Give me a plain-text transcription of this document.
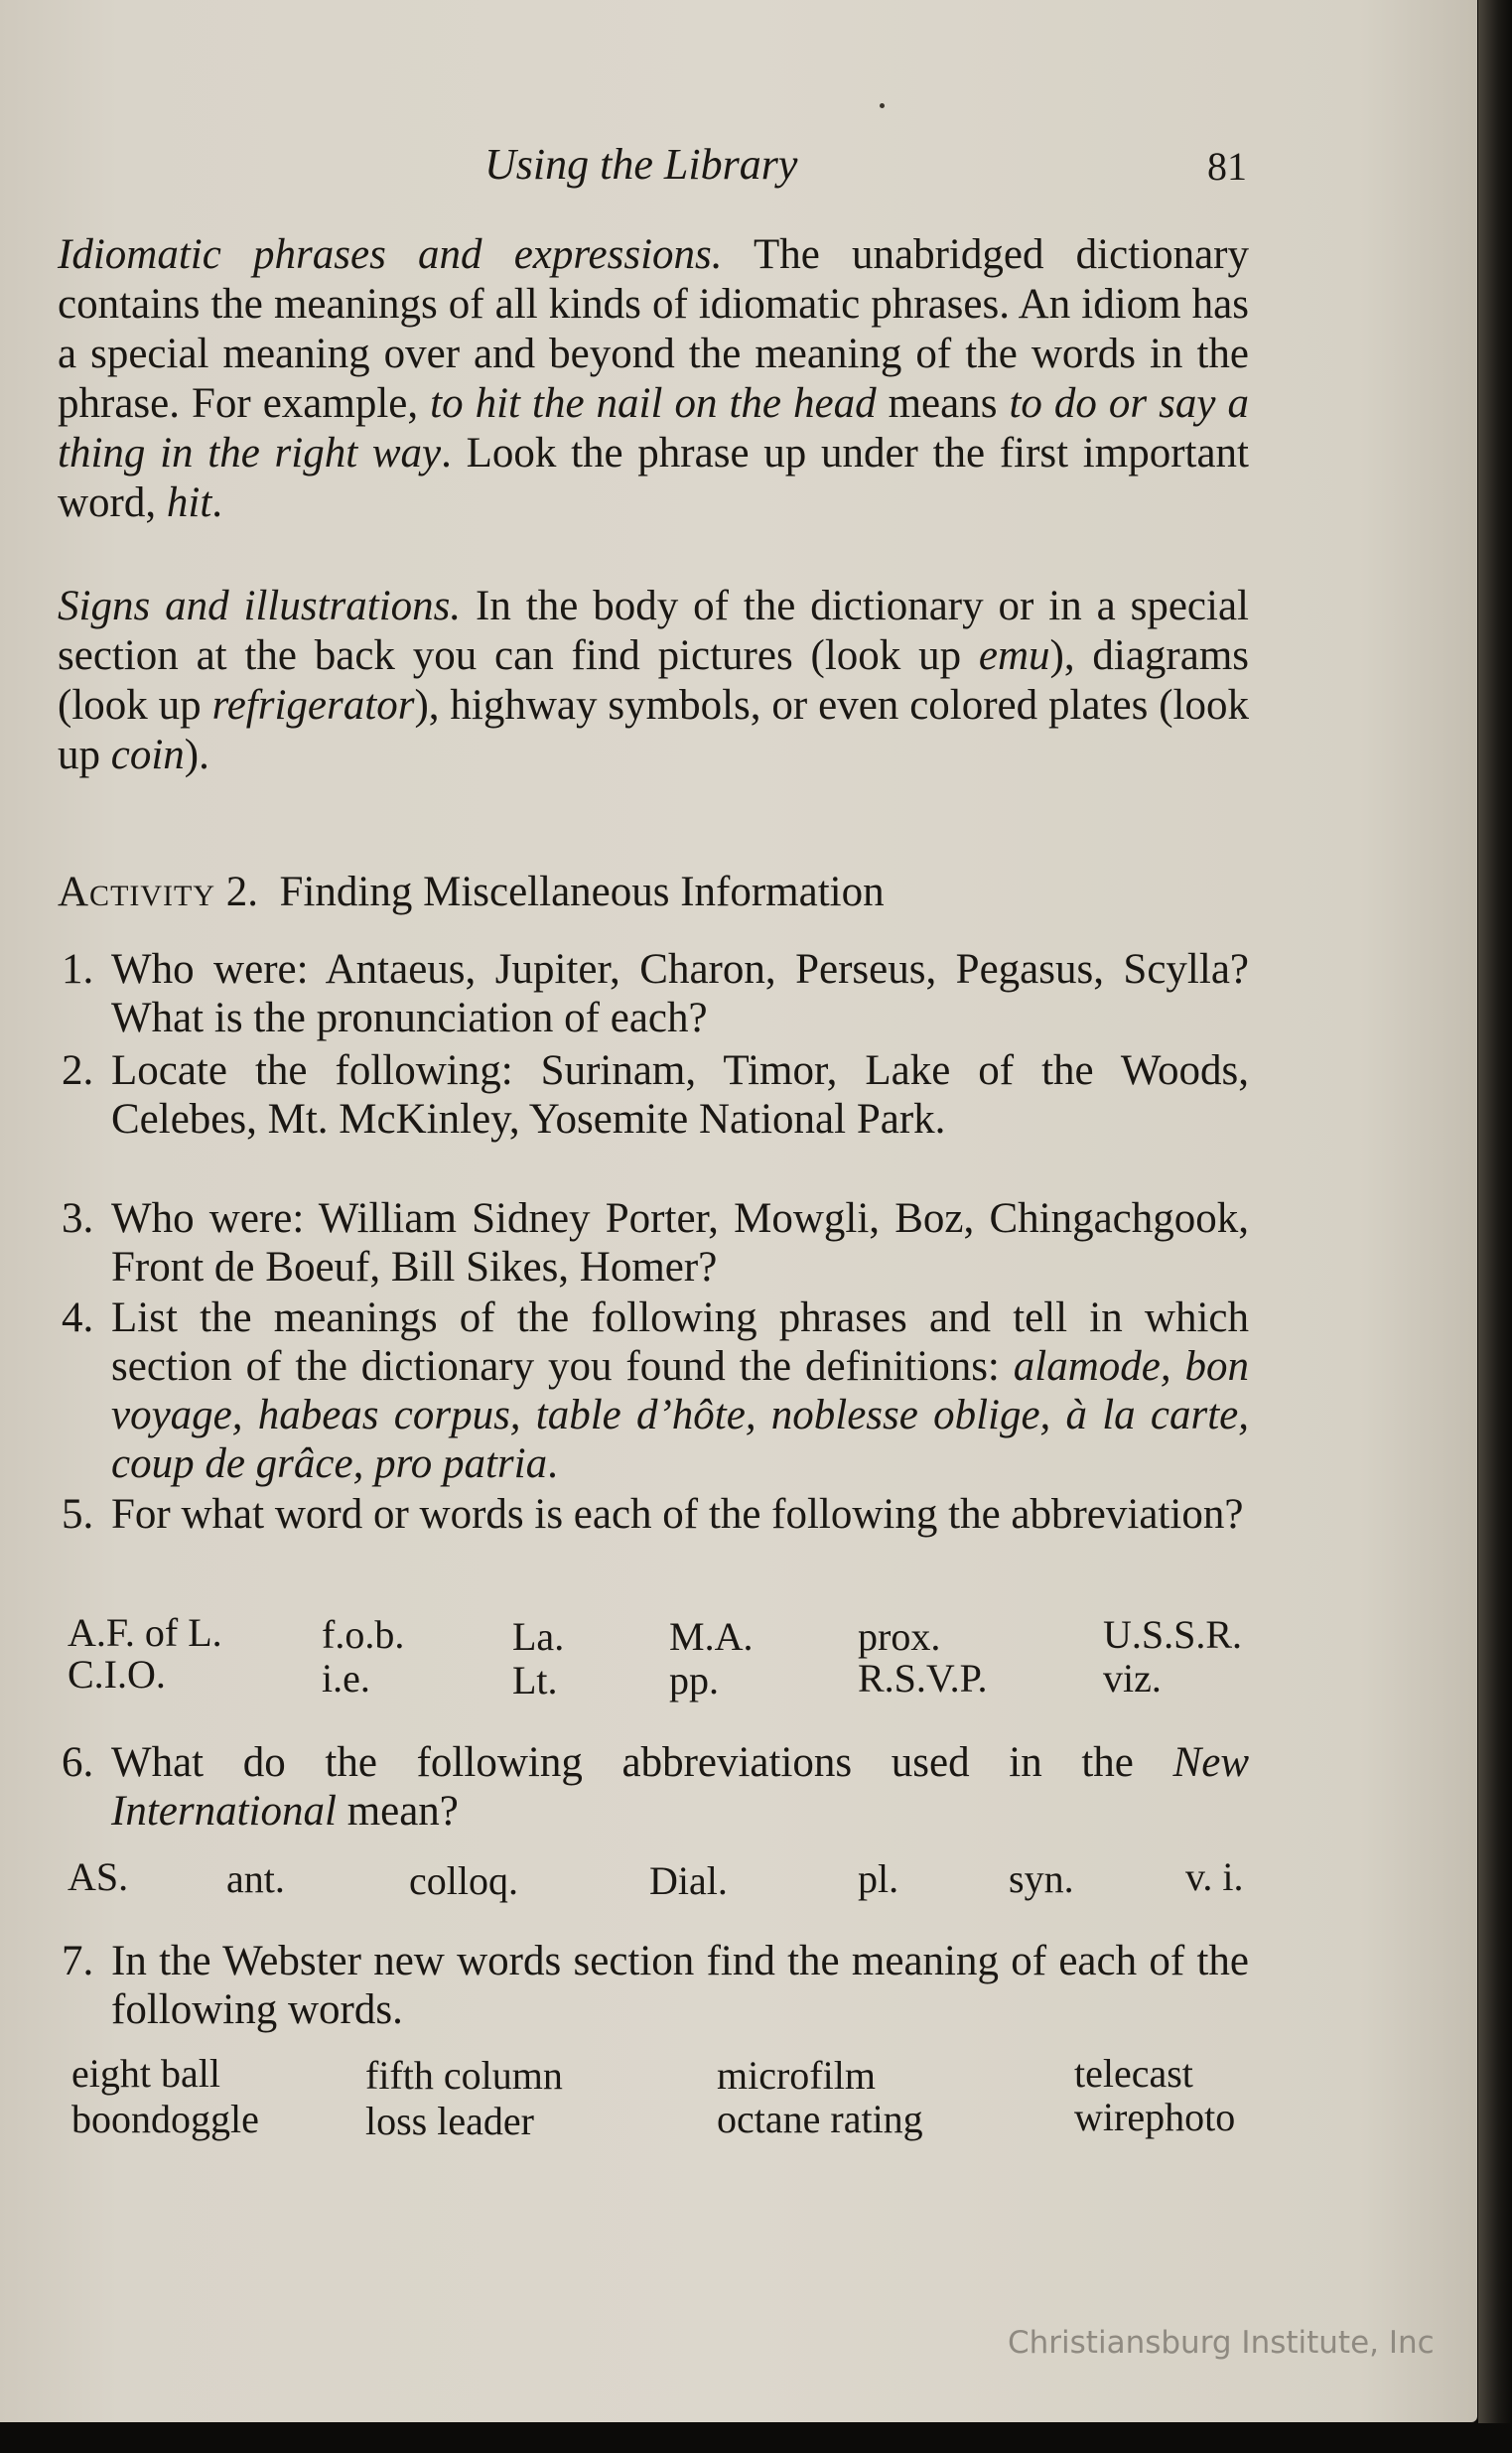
Using the Library	81
Idiomatic phrases and expressions. The unabridged dictionary contains the meanings of all kinds of idiomatic phrases. An idiom has a special meaning over and beyond the meaning of the words in the phrase. For example, to hit the nail on the head means to do or say a thing in the right way. Look the phrase up under the first important word, hit.
Signs and illustrations. In the body of the dictionary or in a special section at the back you can find pictures (look up emu), diagrams (look up refrigerator), highway symbols, or even colored plates (look up coin).
Activity 2. Finding Miscellaneous Information
1. Who were: Antaeus, Jupiter, Charon, Perseus, Pegasus, Scylla? What is the pronunciation of each?
2. Locate the following: Surinam, Timor, Lake of the Woods, Celebes, Mt. McKinley, Yosemite National Park.
3. Who were: William Sidney Porter, Mowgli, Boz, Chingachgook, Front de Boeuf, Bill Sikes, Homer?
4. List the meanings of the following phrases and tell in which section of the dictionary you found the definitions: alamode, bon voyage, habeas corpus, table d’hôte, noblesse oblige, à la carte, coup de grâce, pro patria.
5. For what word or words is each of the following the abbreviation?
A.F. of L.	f.o.b.	La.	M.A.	prox.	U.S.S.R.
C.I.O.	i.e.	Lt.	pp.	R.S.V.P.	viz.
6. What do the following abbreviations used in the New International mean?
AS. ant.	colloq.	Dial.	pl.	syn.	v. i.
7. In the Webster new words section find the meaning of each of the following words.
eight ball	fifth column	microfilm	telecast
boondoggle	loss leader	octane rating	wirephoto
Christiansburg Institute, Inc
